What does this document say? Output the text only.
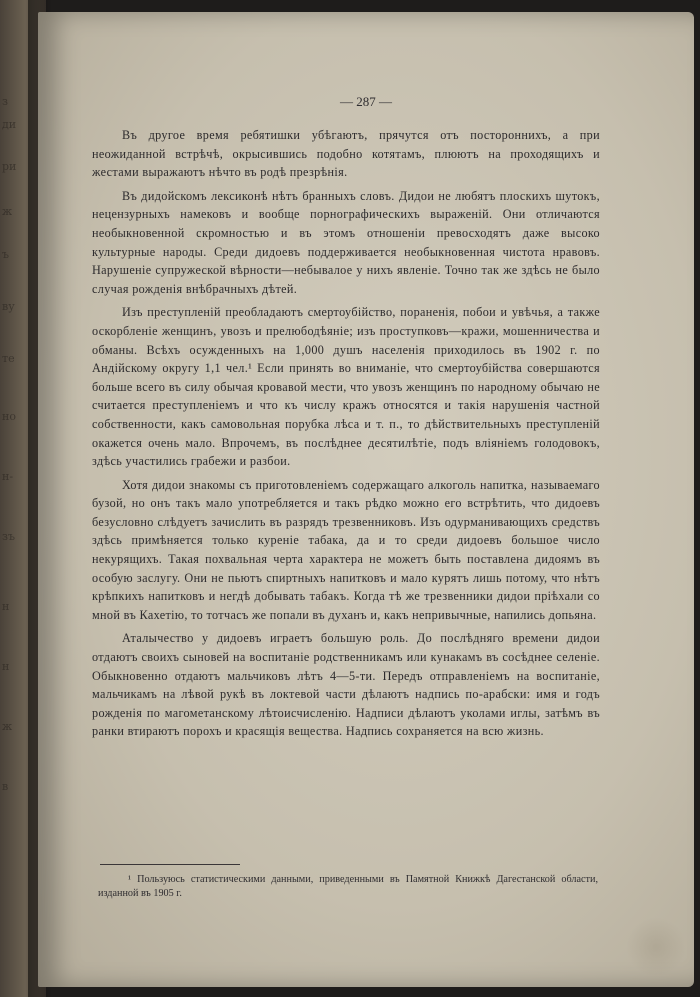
з
ди
ри
ж
ъ
ву
те
но
н-
зъ
н
н
ж
в
— 287 —

Въ другое время ребятишки убѣгаютъ, прячутся отъ постороннихъ, а при неожиданной встрѣчѣ, окрысившись подобно котятамъ, плюютъ на проходящихъ и жестами выражаютъ нѣчто въ родѣ презрѣнія.

Въ дидойскомъ лексиконѣ нѣтъ бранныхъ словъ. Дидои не любятъ плоскихъ шутокъ, нецензурныхъ намековъ и вообще порнографическихъ выраженій. Они отличаются необыкновенной скромностью и въ этомъ отношеніи превосходятъ даже высоко культурные народы. Среди дидоевъ поддерживается необыкновенная чистота нравовъ. Нарушеніе супружеской вѣрности—небывалое у нихъ явленіе. Точно так же здѣсь не было случая рожденія внѣбрачныхъ дѣтей.

Изъ преступленій преобладаютъ смертоубійство, пораненія, побои и увѣчья, а также оскорбленіе женщинъ, увозъ и прелюбодѣяніе; изъ проступковъ—кражи, мошенничества и обманы. Всѣхъ осужденныхъ на 1,000 душъ населенія приходилось въ 1902 г. по Андійскому округу 1,1 чел.¹ Если принять во вниманіе, что смертоубійства совершаются больше всего въ силу обычая кровавой мести, что увозъ женщинъ по народному обычаю не считается преступленіемъ и что къ числу кражъ относятся и такія нарушенія частной собственности, какъ самовольная порубка лѣса и т. п., то дѣйствительныхъ преступленій окажется очень мало. Впрочемъ, въ послѣднее десятилѣтіе, подъ вліяніемъ голодовокъ, здѣсь участились грабежи и разбои.

Хотя дидои знакомы съ приготовленіемъ содержащаго алкоголь напитка, называемаго бузой, но онъ такъ мало употребляется и такъ рѣдко можно его встрѣтить, что дидоевъ безусловно слѣдуетъ зачислить въ разрядъ трезвенниковъ. Изъ одурманивающихъ средствъ здѣсь примѣняется только куреніе табака, да и то среди дидоевъ большое число некурящихъ. Такая похвальная черта характера не можетъ быть поставлена дидоямъ въ особую заслугу. Они не пьютъ спиртныхъ напитковъ и мало курятъ лишь потому, что нѣтъ крѣпкихъ напитковъ и негдѣ добывать табакъ. Когда тѣ же трезвенники дидои пріѣхали со мной въ Кахетію, то тотчасъ же попали въ духанъ и, какъ непривычные, напились допьяна.

Аталычество у дидоевъ играетъ большую роль. До послѣдняго времени дидои отдаютъ своихъ сыновей на воспитаніе родственникамъ или кунакамъ въ сосѣднее селеніе. Обыкновенно отдаютъ мальчиковъ лѣтъ 4—5-ти. Передъ отправленіемъ на воспитаніе, мальчикамъ на лѣвой рукѣ въ локтевой части дѣлаютъ надпись по-арабски: имя и годъ рожденія по магометанскому лѣтоисчисленію. Надписи дѣлаютъ уколами иглы, затѣмъ въ ранки втираютъ порохъ и красящія вещества. Надпись сохраняется на всю жизнь.

¹ Пользуюсь статистическими данными, приведенными въ Памятной Книжкѣ Дагестанской области, изданной въ 1905 г.
